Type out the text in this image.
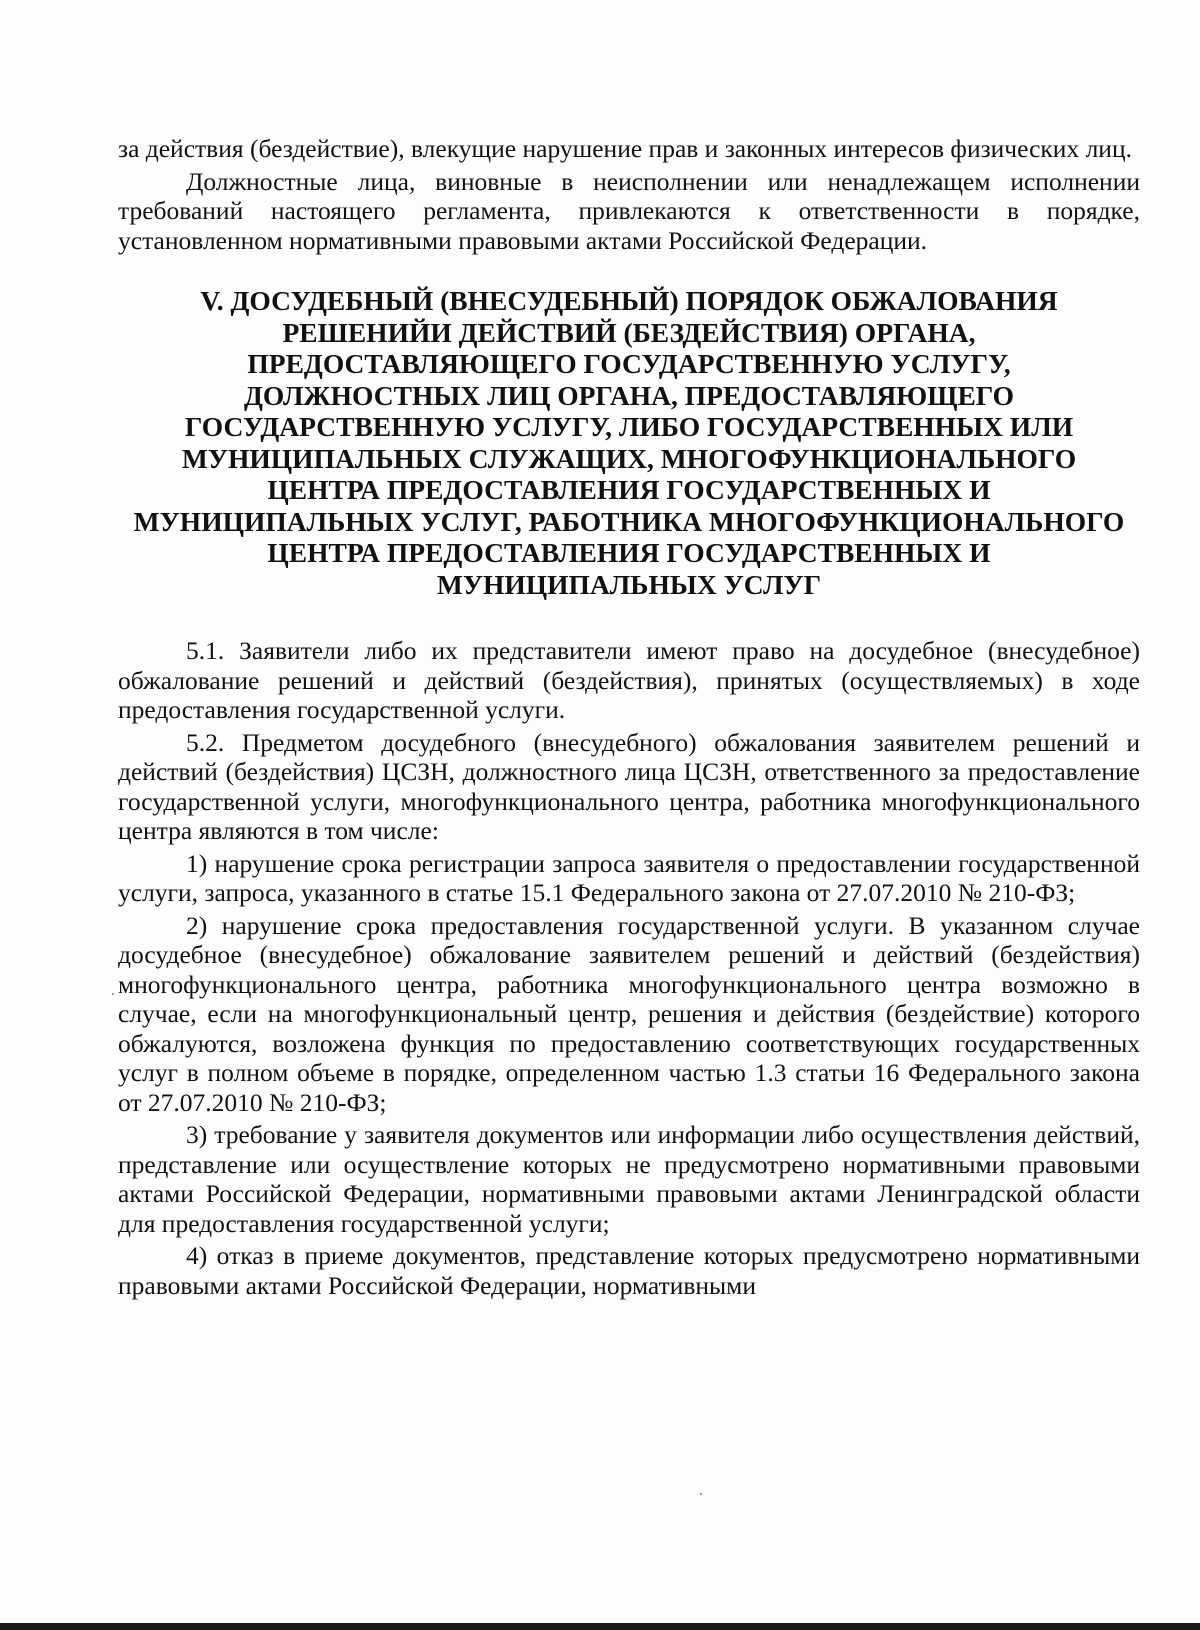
за действия (бездействие), влекущие нарушение прав и законных интересов физических лиц.

Должностные лица, виновные в неисполнении или ненадлежащем исполнении требований настоящего регламента, привлекаются к ответственности в порядке, установленном нормативными правовыми актами Российской Федерации.

V. ДОСУДЕБНЫЙ (ВНЕСУДЕБНЫЙ) ПОРЯДОК ОБЖАЛОВАНИЯ РЕШЕНИЙИ ДЕЙСТВИЙ (БЕЗДЕЙСТВИЯ) ОРГАНА, ПРЕДОСТАВЛЯЮЩЕГО ГОСУДАРСТВЕННУЮ УСЛУГУ, ДОЛЖНОСТНЫХ ЛИЦ ОРГАНА, ПРЕДОСТАВЛЯЮЩЕГО ГОСУДАРСТВЕННУЮ УСЛУГУ, ЛИБО ГОСУДАРСТВЕННЫХ ИЛИ МУНИЦИПАЛЬНЫХ СЛУЖАЩИХ, МНОГОФУНКЦИОНАЛЬНОГО ЦЕНТРА ПРЕДОСТАВЛЕНИЯ ГОСУДАРСТВЕННЫХ И МУНИЦИПАЛЬНЫХ УСЛУГ, РАБОТНИКА МНОГОФУНКЦИОНАЛЬНОГО ЦЕНТРА ПРЕДОСТАВЛЕНИЯ ГОСУДАРСТВЕННЫХ И МУНИЦИПАЛЬНЫХ УСЛУГ

5.1. Заявители либо их представители имеют право на досудебное (внесудебное) обжалование решений и действий (бездействия), принятых (осуществляемых) в ходе предоставления государственной услуги.

5.2. Предметом досудебного (внесудебного) обжалования заявителем решений и действий (бездействия) ЦСЗН, должностного лица ЦСЗН, ответственного за предоставление государственной услуги, многофункционального центра, работника многофункционального центра являются в том числе:

1) нарушение срока регистрации запроса заявителя о предоставлении государственной услуги, запроса, указанного в статье 15.1 Федерального закона от 27.07.2010 № 210-ФЗ;

2) нарушение срока предоставления государственной услуги. В указанном случае досудебное (внесудебное) обжалование заявителем решений и действий (бездействия) многофункционального центра, работника многофункционального центра возможно в случае, если на многофункциональный центр, решения и действия (бездействие) которого обжалуются, возложена функция по предоставлению соответствующих государственных услуг в полном объеме в порядке, определенном частью 1.3 статьи 16 Федерального закона от 27.07.2010 № 210-ФЗ;

3) требование у заявителя документов или информации либо осуществления действий, представление или осуществление которых не предусмотрено нормативными правовыми актами Российской Федерации, нормативными правовыми актами Ленинградской области для предоставления государственной услуги;

4) отказ в приеме документов, представление которых предусмотрено нормативными правовыми актами Российской Федерации, нормативными
